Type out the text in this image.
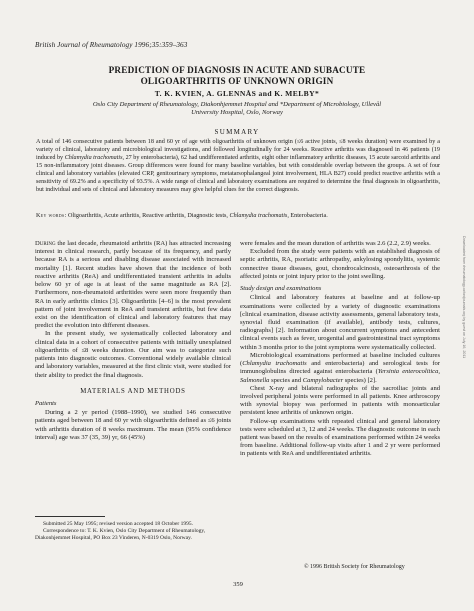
British Journal of Rheumatology 1996;35:359–363
PREDICTION OF DIAGNOSIS IN ACUTE AND SUBACUTE
OLIGOARTHRITIS OF UNKNOWN ORIGIN
T. K. KVIEN, A. GLENNÅS and K. MELBY*
Oslo City Department of Rheumatology, Diakonhjemmet Hospital and *Department of Microbiology, Ullevål
University Hospital, Oslo, Norway
SUMMARY
A total of 146 consecutive patients between 18 and 60 yr of age with oligoarthritis of unknown origin (≤6 active joints, ≤8 weeks duration) were examined by a variety of clinical, laboratory and microbiological investigations, and followed longitudinally for 24 weeks. Reactive arthritis was diagnosed in 46 patients (19 induced by Chlamydia trachomatis, 27 by enterobacteria), 62 had undifferentiated arthritis, eight other inflammatory arthritic diseases, 15 acute sarcoid arthritis and 15 non-inflammatory joint diseases. Group differences were found for many baseline variables, but with considerable overlap between the groups. A set of four clinical and laboratory variables (elevated CRP, genitourinary symptoms, metatarsophalangeal joint involvement, HLA B27) could predict reactive arthritis with a sensitivity of 69.2% and a specificity of 93.5%. A wide range of clinical and laboratory examinations are required to determine the final diagnosis in oligoarthritis, but individual and sets of clinical and laboratory measures may give helpful clues for the correct diagnosis.
Key words: Oligoarthritis, Acute arthritis, Reactive arthritis, Diagnostic tests, Chlamydia trachomatis, Enterobacteria.

During the last decade, rheumatoid arthritis (RA) has attracted increasing interest in clinical research, partly because of its frequency, and partly because RA is a serious and disabling disease associated with increased mortality [1]. Recent studies have shown that the incidence of both reactive arthritis (ReA) and undifferentiated transient arthritis in adults below 60 yr of age is at least of the same magnitude as RA [2]. Furthermore, non-rheumatoid arthritides were seen more frequently than RA in early arthritis clinics [3]. Oligoarthritis [4–6] is the most prevalent pattern of joint involvement in ReA and transient arthritis, but few data exist on the identification of clinical and laboratory features that may predict the evolution into different diseases.

In the present study, we systematically collected laboratory and clinical data in a cohort of consecutive patients with initially unexplained oligoarthritis of ≤8 weeks duration. Our aim was to categorize such patients into diagnostic outcomes. Conventional widely available clinical and laboratory variables, measured at the first clinic visit, were studied for their ability to predict the final diagnosis.

MATERIALS AND METHODS
Patients

During a 2 yr period (1988–1990), we studied 146 consecutive patients aged between 18 and 60 yr with oligoarthritis defined as ≤6 joints with arthritis duration of 8 weeks maximum. The mean (95% confidence interval) age was 37 (35, 39) yr, 66 (45%)

Submitted 25 May 1995; revised version accepted 18 October 1995.

Correspondence to: T. K. Kvien, Oslo City Department of Rheumatology, Diakonhjemmet Hospital, PO Box 23 Vinderen, N-0319 Oslo, Norway.

were females and the mean duration of arthritis was 2.6 (2.2, 2.9) weeks.

Excluded from the study were patients with an established diagnosis of septic arthritis, RA, psoriatic arthropathy, ankylosing spondylitis, systemic connective tissue diseases, gout, chondrocalcinosis, osteoarthrosis of the affected joints or joint injury prior to the joint swelling.

Study design and examinations

Clinical and laboratory features at baseline and at follow-up examinations were collected by a variety of diagnostic examinations [clinical examination, disease activity assessments, general laboratory tests, synovial fluid examination (if available), antibody tests, cultures, radiographs] [2]. Information about concurrent symptoms and antecedent clinical events such as fever, urogenital and gastrointestinal tract symptoms within 3 months prior to the joint symptoms were systematically collected.

Microbiological examinations performed at baseline included cultures (Chlamydia trachomatis and enterobacteria) and serological tests for immunoglobulins directed against enterobacteria (Yersinia enterocolitica, Salmonella species and Campylobacter species) [2].

Chest X-ray and bilateral radiographs of the sacroiliac joints and involved peripheral joints were performed in all patients. Knee arthroscopy with synovial biopsy was performed in patients with monoarticular persistent knee arthritis of unknown origin.

Follow-up examinations with repeated clinical and general laboratory tests were scheduled at 3, 12 and 24 weeks. The diagnostic outcome in each patient was based on the results of examinations performed within 24 weeks from baseline. Additional follow-up visits after 1 and 2 yr were performed in patients with ReA and undifferentiated arthritis.

© 1996 British Society for Rheumatology
359
Downloaded from rheumatology.oxfordjournals.org by guest on July 16, 2011
